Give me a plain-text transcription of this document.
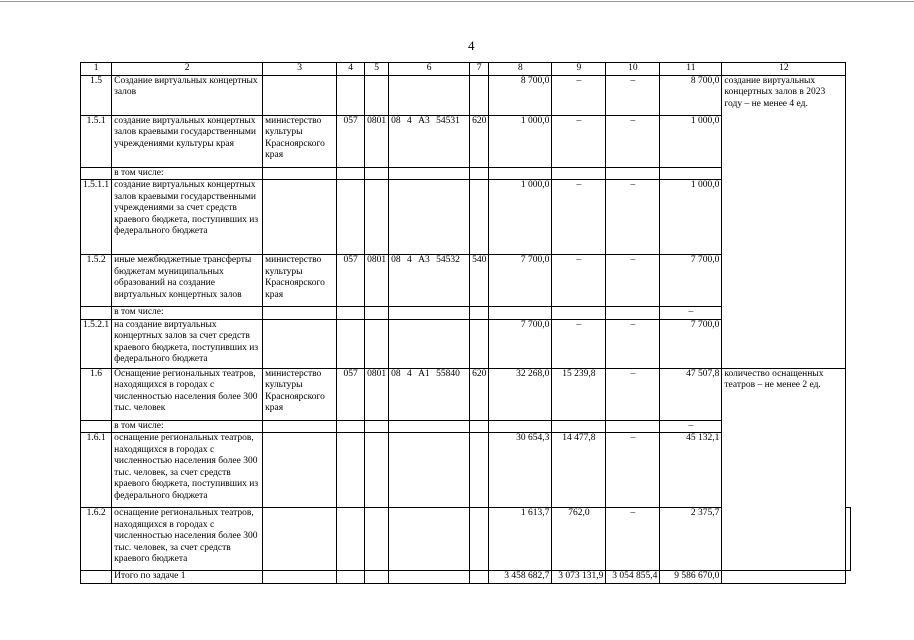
4
1	2	3	4	5	6	7	8	9	10	11	12	
1.5	Создание виртуальных концертных залов						8 700,0	–	–	8 700,0	создание виртуальных концертных залов в 2023 году – не менее 4 ед.	
1.5.1	создание виртуальных концертных залов краевыми государственными учреждениями культуры края	министерство культуры Красноярского края	057	0801	08 4 А3 54531	620	1 000,0	–	–	1 000,0		
	в том числе:											
1.5.1.1	создание виртуальных концертных залов краевыми государственными учреждениями за счет средств краевого бюджета, поступивших из федерального бюджета						1 000,0	–	–	1 000,0		
1.5.2	иные межбюджетные трансферты бюджетам муниципальных образований на создание виртуальных концертных залов	министерство культуры Красноярского края	057	0801	08 4 А3 54532	540	7 700,0	–	–	7 700,0		
	в том числе:									–		
1.5.2.1	на создание виртуальных концертных залов за счет средств краевого бюджета, поступивших из федерального бюджета						7 700,0	–	–	7 700,0		
1.6	Оснащение региональных театров, находящихся в городах с численностью населения более 300 тыс. человек	министерство культуры Красноярского края	057	0801	08 4 А1 55840	620	32 268,0	15 239,8	–	47 507,8	количество оснащенных театров – не менее 2 ед.	
	в том числе:									–		
1.6.1	оснащение региональных театров, находящихся в городах с численностью населения более 300 тыс. человек, за счет средств краевого бюджета, поступивших из федерального бюджета						30 654,3	14 477,8	–	45 132,1		
1.6.2	оснащение региональных театров, находящихся в городах с численностью населения более 300 тыс. человек, за счет средств краевого бюджета						1 613,7	762,0	–	2 375,7		
	Итого по задаче 1						3 458 682,7	3 073 131,9	3 054 855,4	9 586 670,0		
